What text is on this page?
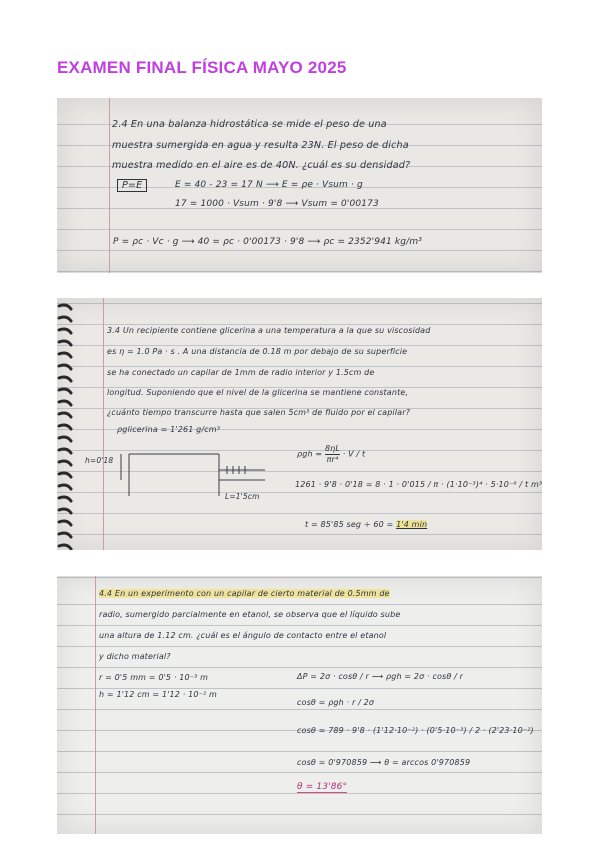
EXAMEN FINAL FÍSICA MAYO 2025
2.4 En una balanza hidrostática se mide el peso de una
muestra sumergida en agua y resulta 23N. El peso de dicha
muestra medido en el aire es de 40N. ¿cuál es su densidad?
P=E	E = 40 - 23 = 17 N ⟶ E = ρe · Vsum · g
17 = 1000 · Vsum · 9'8 ⟶ Vsum = 0'00173
P = ρc · Vc · g ⟶ 40 = ρc · 0'00173 · 9'8 ⟶ ρc = 2352'941 kg/m³
3.4 Un recipiente contiene glicerina a una temperatura a la que su viscosidad
es η = 1.0 Pa · s . A una distancia de 0.18 m por debajo de su superficie
se ha conectado un capilar de 1mm de radio interior y 1.5cm de
longitud. Suponiendo que el nivel de la glicerina se mantiene constante,
¿cuánto tiempo transcurre hasta que salen 5cm³ de fluido por el capilar?
ρglicerina = 1'261 g/cm³
h=0'18
L=1'5cm
$\rho gh = \frac{8\eta L}{\text{πr⁴}} \cdot V / t$
1261 · 9'8 · 0'18 = 8 · 1 · 0'015 / π · (1·10⁻³)⁴ · 5·10⁻⁶ / t m³
t = 85'85 seg ÷ 60 = 1'4 min
4.4 En un experimento con un capilar de cierto material de 0.5mm de
radio, sumergido parcialmente en etanol, se observa que el líquido sube
una altura de 1.12 cm. ¿cuál es el ángulo de contacto entre el etanol
y dicho material?
r = 0'5 mm = 0'5 · 10⁻³ m
h = 1'12 cm = 1'12 · 10⁻² m
ΔP = 2σ · cosθ / r ⟶ ρgh = 2σ · cosθ / r
cosθ = ρgh · r / 2σ
cosθ = 789 · 9'8 · (1'12·10⁻²) · (0'5·10⁻³) / 2 · (2'23·10⁻²)
cosθ = 0'970859 ⟶ θ = arccos 0'970859
θ = 13'86°
